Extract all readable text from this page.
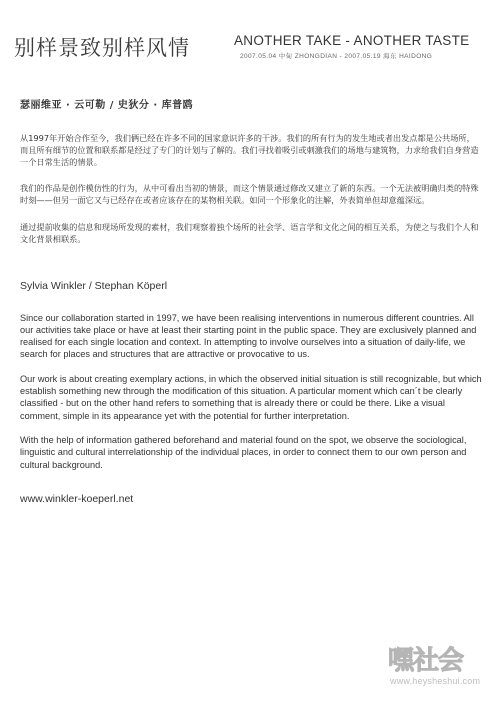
别样景致别样风情	ANOTHER TAKE - ANOTHER TASTE
2007.05.04 中甸 ZHONGDIAN - 2007.05.19 海东 HAIDONG
瑟丽维亚 · 云可勒 / 史狄分 · 库普鸥

从1997年开始合作至今，我们俩已经在许多不同的国家意识许多的干涉。我们的所有行为的发生地或者出发点都是公共场所，而且所有细节的位置和联系都是经过了专门的计划与了解的。我们寻找着吸引或刺激我们的场地与建筑物，力求给我们自身营造一个日常生活的情景。

我们的作品是创作模仿性的行为，从中可看出当初的情景，而这个情景通过修改又建立了新的东西。一个无法被明确归类的特殊时刻——但另一面它又与已经存在或者应该存在的某物相关联。如同一个形象化的注解，外表简单但却意蕴深远。

通过提前收集的信息和现场所发现的素材，我们观察着独个场所的社会学、语言学和文化之间的相互关系，为使之与我们个人和文化背景相联系。

Sylvia Winkler / Stephan Köperl

Since our collaboration started in 1997, we have been realising interventions in numerous different countries. All our activities take place or have at least their starting point in the public space. They are exclusively planned and realised for each single location and context. In attempting to involve ourselves into a situation of daily-life, we search for places and structures that are attractive or provocative to us.

Our work is about creating exemplary actions, in which the observed initial situation is still recognizable, but which establish something new through the modification of this situation. A particular moment which can´t be clearly classified - but on the other hand refers to something that is already there or could be there. Like a visual comment, simple in its appearance yet with the potential for further interpretation.

With the help of information gathered beforehand and material found on the spot, we observe the sociological, linguistic and cultural interrelationship of the individual places, in order to connect them to our own person and cultural background.

www.winkler-koeperl.net
嘿社会
www.heysheshui.com
